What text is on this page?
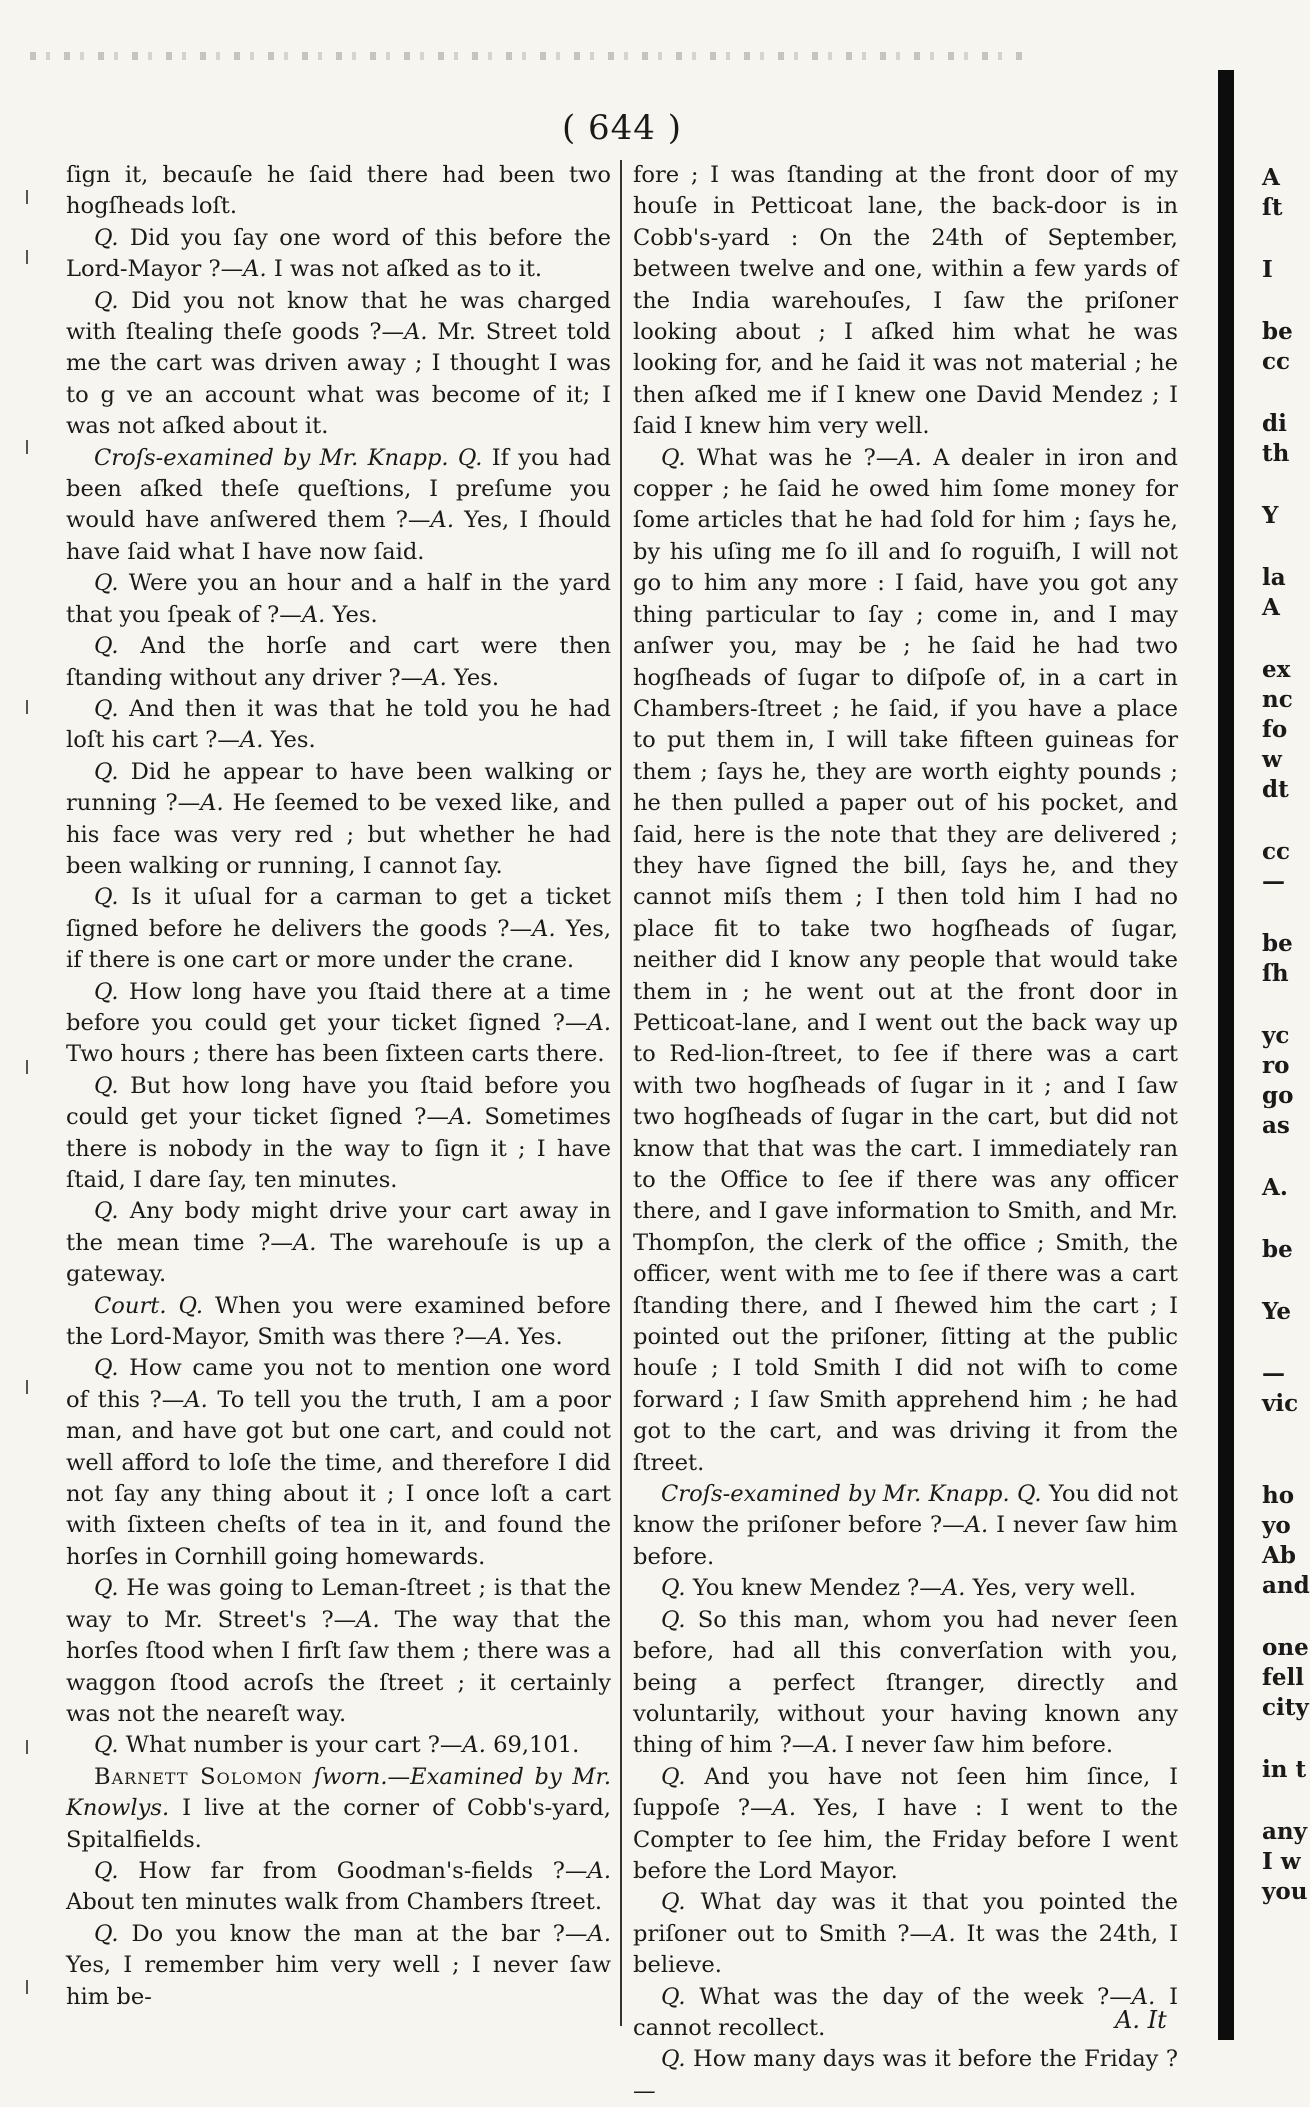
( 644 )

ſign it, becauſe he ſaid there had been two hogſheads loſt.

Q. Did you ſay one word of this before the Lord-Mayor ?—A. I was not aſked as to it.

Q. Did you not know that he was charged with ſtealing theſe goods ?—A. Mr. Street told me the cart was driven away ; I thought I was to g ve an account what was become of it; I was not aſked about it.

Croſs-examined by Mr. Knapp. Q. If you had been aſked theſe queſtions, I preſume you would have anſwered them ?—A. Yes, I ſhould have ſaid what I have now ſaid.

Q. Were you an hour and a half in the yard that you ſpeak of ?—A. Yes.

Q. And the horſe and cart were then ſtanding without any driver ?—A. Yes.

Q. And then it was that he told you he had loſt his cart ?—A. Yes.

Q. Did he appear to have been walking or running ?—A. He ſeemed to be vexed like, and his face was very red ; but whether he had been walking or running, I cannot ſay.

Q. Is it uſual for a carman to get a ticket ſigned before he delivers the goods ?—A. Yes, if there is one cart or more under the crane.

Q. How long have you ſtaid there at a time before you could get your ticket ſigned ?—A. Two hours ; there has been ſixteen carts there.

Q. But how long have you ſtaid before you could get your ticket ſigned ?—A. Sometimes there is nobody in the way to ſign it ; I have ſtaid, I dare ſay, ten minutes.

Q. Any body might drive your cart away in the mean time ?—A. The warehouſe is up a gateway.

Court. Q. When you were examined before the Lord-Mayor, Smith was there ?—A. Yes.

Q. How came you not to mention one word of this ?—A. To tell you the truth, I am a poor man, and have got but one cart, and could not well afford to loſe the time, and therefore I did not ſay any thing about it ; I once loſt a cart with ſixteen cheſts of tea in it, and found the horſes in Cornhill going homewards.

Q. He was going to Leman-ſtreet ; is that the way to Mr. Street's ?—A. The way that the horſes ſtood when I firſt ſaw them ; there was a waggon ſtood acroſs the ſtreet ; it certainly was not the neareſt way.

Q. What number is your cart ?—A. 69,101.

Barnett Solomon ſworn.—Examined by Mr. Knowlys. I live at the corner of Cobb's-yard, Spitalfields.

Q. How far from Goodman's-fields ?—A. About ten minutes walk from Chambers ſtreet.

Q. Do you know the man at the bar ?—A. Yes, I remember him very well ; I never ſaw him be-

fore ; I was ſtanding at the front door of my houſe in Petticoat lane, the back-door is in Cobb's-yard : On the 24th of September, between twelve and one, within a few yards of the India warehouſes, I ſaw the priſoner looking about ; I aſked him what he was looking for, and he ſaid it was not material ; he then aſked me if I knew one David Mendez ; I ſaid I knew him very well.

Q. What was he ?—A. A dealer in iron and copper ; he ſaid he owed him ſome money for ſome articles that he had ſold for him ; ſays he, by his uſing me ſo ill and ſo roguiſh, I will not go to him any more : I ſaid, have you got any thing particular to ſay ; come in, and I may anſwer you, may be ; he ſaid he had two hogſheads of ſugar to diſpoſe of, in a cart in Chambers-ſtreet ; he ſaid, if you have a place to put them in, I will take fifteen guineas for them ; ſays he, they are worth eighty pounds ; he then pulled a paper out of his pocket, and ſaid, here is the note that they are delivered ; they have ſigned the bill, ſays he, and they cannot miſs them ; I then told him I had no place fit to take two hogſheads of ſugar, neither did I know any people that would take them in ; he went out at the front door in Petticoat-lane, and I went out the back way up to Red-lion-ſtreet, to ſee if there was a cart with two hogſheads of ſugar in it ; and I ſaw two hogſheads of ſugar in the cart, but did not know that that was the cart. I immediately ran to the Office to ſee if there was any officer there, and I gave information to Smith, and Mr. Thompſon, the clerk of the office ; Smith, the officer, went with me to ſee if there was a cart ſtanding there, and I ſhewed him the cart ; I pointed out the priſoner, ſitting at the public houſe ; I told Smith I did not wiſh to come forward ; I ſaw Smith apprehend him ; he had got to the cart, and was driving it from the ſtreet.

Croſs-examined by Mr. Knapp. Q. You did not know the priſoner before ?—A. I never ſaw him before.

Q. You knew Mendez ?—A. Yes, very well.

Q. So this man, whom you had never ſeen before, had all this converſation with you, being a perfect ſtranger, directly and voluntarily, without your having known any thing of him ?—A. I never ſaw him before.

Q. And you have not ſeen him ſince, I ſuppoſe ?—A. Yes, I have : I went to the Compter to ſee him, the Friday before I went before the Lord Mayor.

Q. What day was it that you pointed the priſoner out to Smith ?—A. It was the 24th, I believe.

Q. What was the day of the week ?—A. I cannot recollect.

Q. How many days was it before the Friday ?—

A. It
A
ſt
I
be
cc
di
th
Y
la
A
ex
nc
fo
w
dt
cc
—
be
ſh
yc
ro
go
as
A.
be
Ye
—
vic
ho
yo
Ab
and
one
fell
city
in t
any
I w
you
